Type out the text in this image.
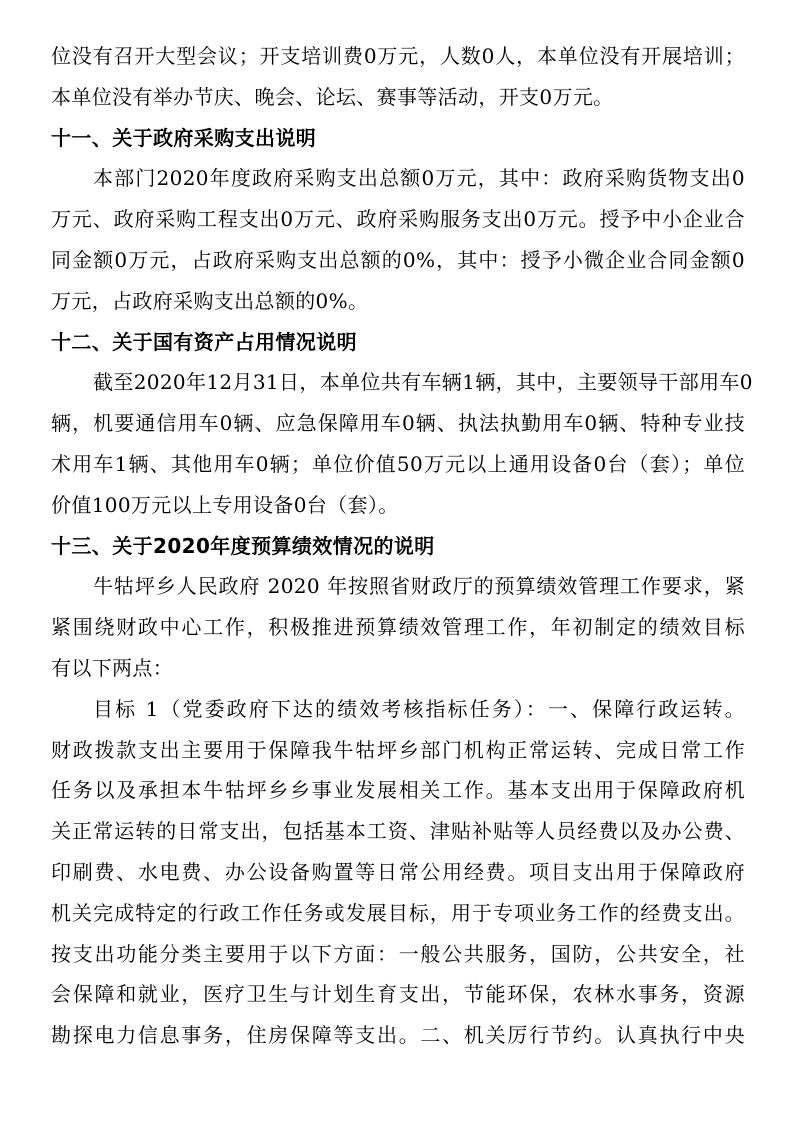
位没有召开大型会议；开支培训费0万元，人数0人，本单位没有开展培训；
本单位没有举办节庆、晚会、论坛、赛事等活动，开支0万元。
十一、关于政府采购支出说明
本部门2020年度政府采购支出总额0万元，其中：政府采购货物支出0
万元、政府采购工程支出0万元、政府采购服务支出0万元。授予中小企业合
同金额0万元，占政府采购支出总额的0%，其中：授予小微企业合同金额0
万元，占政府采购支出总额的0%。
十二、关于国有资产占用情况说明
截至2020年12月31日，本单位共有车辆1辆，其中，主要领导干部用车0
辆，机要通信用车0辆、应急保障用车0辆、执法执勤用车0辆、特种专业技
术用车1辆、其他用车0辆；单位价值50万元以上通用设备0台（套）；单位
价值100万元以上专用设备0台（套）。
十三、关于2020年度预算绩效情况的说明
牛牯坪乡人民政府 2020 年按照省财政厅的预算绩效管理工作要求，紧
紧围绕财政中心工作，积极推进预算绩效管理工作，年初制定的绩效目标
有以下两点：
目标 1（党委政府下达的绩效考核指标任务）：一、保障行政运转。
财政拨款支出主要用于保障我牛牯坪乡部门机构正常运转、完成日常工作
任务以及承担本牛牯坪乡乡事业发展相关工作。基本支出用于保障政府机
关正常运转的日常支出，包括基本工资、津贴补贴等人员经费以及办公费、
印刷费、水电费、办公设备购置等日常公用经费。项目支出用于保障政府
机关完成特定的行政工作任务或发展目标，用于专项业务工作的经费支出。
按支出功能分类主要用于以下方面：一般公共服务，国防，公共安全，社
会保障和就业，医疗卫生与计划生育支出，节能环保，农林水事务，资源
勘探电力信息事务，住房保障等支出。二、机关厉行节约。认真执行中央
